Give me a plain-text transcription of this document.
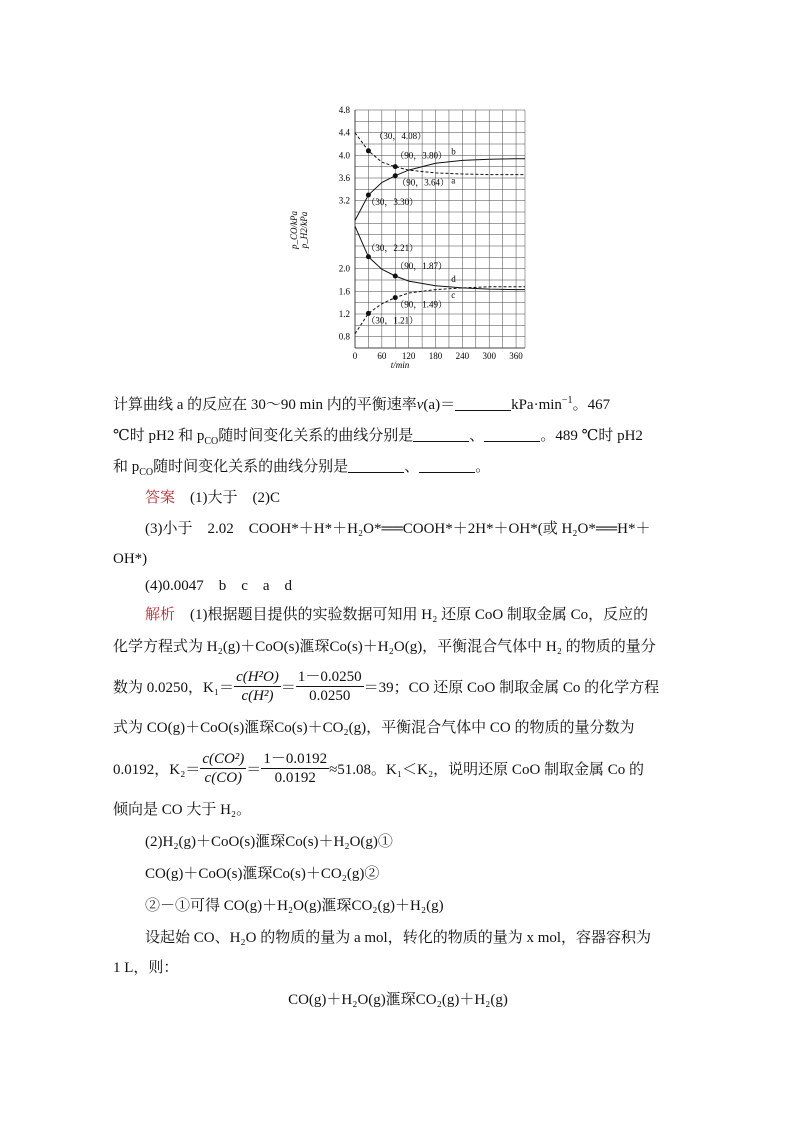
0.8
1.2
1.6
2.0
3.2
3.6
4.0
4.4
4.8
0 60 120 180 240 300 360
a
b
c
d
（30，4.08）
（90，3.80）
（90，3.64）
（30，3.30）
（30，2.21）
（90，1.87）
（90，1.49）
（30，1.21）
t/min
p_CO/kPa p_H2/kPa
计算曲线 a 的反应在 30～90 min 内的平衡速率v(a)＝	$kPa\cdot\min^{-1}$。467
℃时 pH2 和 $p_{CO}$随时间变化关系的曲线分别是	、	。489 ℃时 pH2
和 $p_{CO}$随时间变化关系的曲线分别是	、	。
答案　 (1)大于　(2)C
(3)小于　2.02　COOH*＋H*＋H₂O*══COOH*＋2H*＋OH*(或 H₂O*══H*＋
OH*)
(4)0.0047　b　c　a　d
解析　 (1)根据题目提供的实验数据可知用 H₂ 还原 CoO 制取金属 Co，反应的
化学方程式为 H₂(g)＋CoO(s)滙琛Co(s)＋H₂O(g)，平衡混合气体中 H₂ 的物质的量分
数为 0.0250，$K_1= \frac{\text{c(H²O)}}{\text{c(H²)}} = \frac{1-0.0250}{0.0250} =39$；CO 还原 CoO 制取金属 Co 的化学方程
式为 CO(g)＋CoO(s)滙琛Co(s)＋CO₂(g)，平衡混合气体中 CO 的物质的量分数为
0.0192，$K_2= \frac{\text{c(CO²)}}{c(CO)} = \frac{1-0.0192}{0.0192} \approx 51.08$。K₁＜K₂，说明还原 CoO 制取金属 Co 的
倾向是 CO 大于 H₂。
(2)H₂(g)＋CoO(s)滙琛Co(s)＋H₂O(g)①
CO(g)＋CoO(s)滙琛Co(s)＋CO₂(g)②
②－①可得 CO(g)＋H₂O(g)滙琛CO₂(g)＋H₂(g)
设起始 CO、H₂O 的物质的量为 a mol，转化的物质的量为 x mol，容器容积为
1 L，则：
CO(g)＋H₂O(g)滙琛CO₂(g)＋H₂(g)
